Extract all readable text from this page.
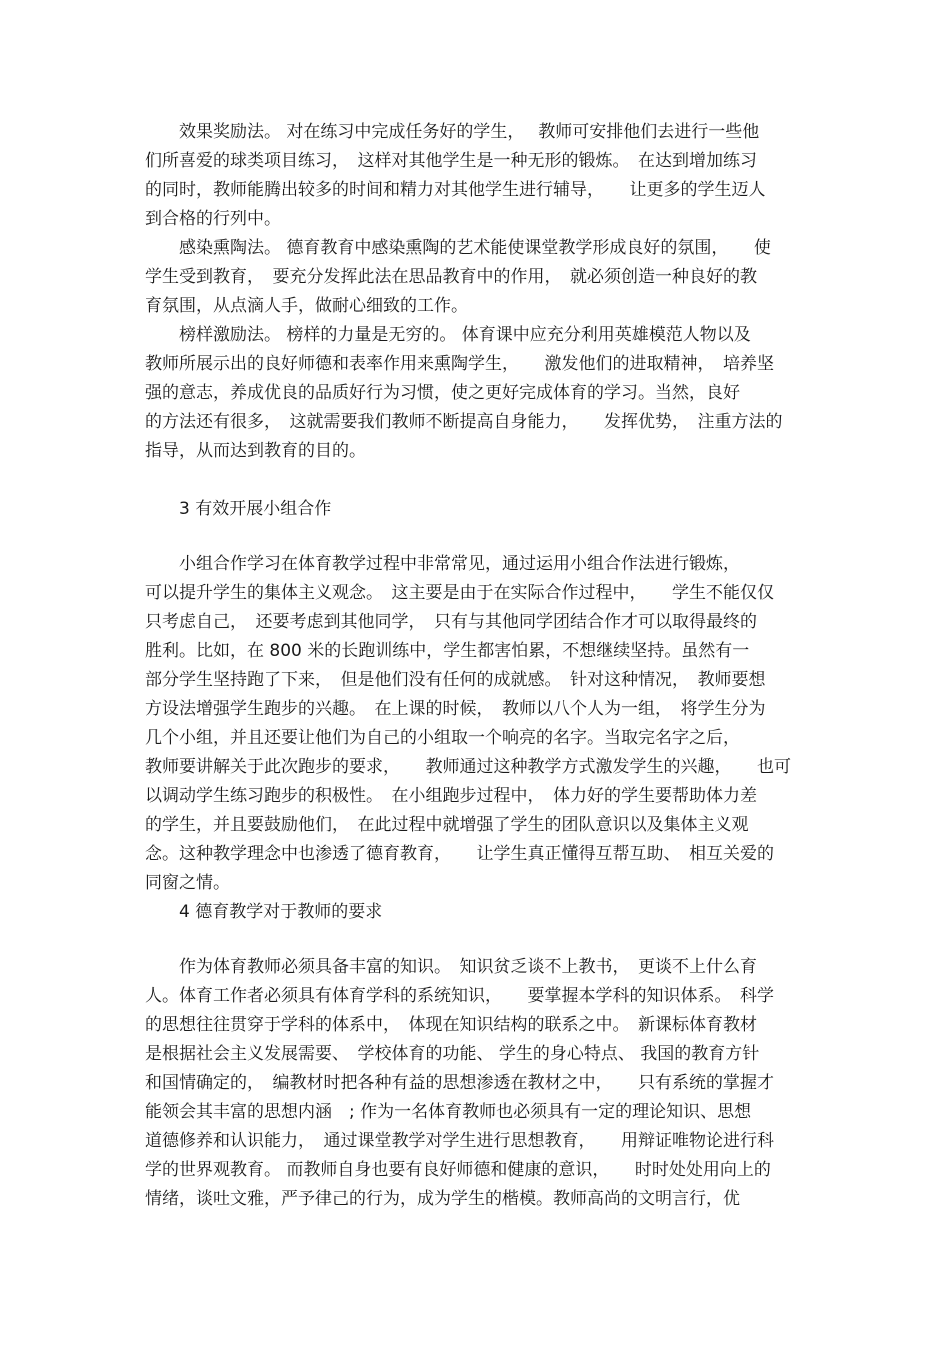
　　效果奖励法。 对在练习中完成任务好的学生，　 教师可安排他们去进行一些他
们所喜爱的球类项目练习，　这样对其他学生是一种无形的锻炼。　在达到增加练习
的同时，教师能腾出较多的时间和精力对其他学生进行辅导，　　让更多的学生迈人
到合格的行列中。
　　感染熏陶法。 德育教育中感染熏陶的艺术能使课堂教学形成良好的氛围，　　使
学生受到教育，　要充分发挥此法在思品教育中的作用，　就必须创造一种良好的教
育氛围，从点滴人手，做耐心细致的工作。
　　榜样激励法。 榜样的力量是无穷的。 体育课中应充分利用英雄模范人物以及
教师所展示出的良好师德和表率作用来熏陶学生，　　激发他们的进取精神，　培养坚
强的意志，养成优良的品质好行为习惯，使之更好完成体育的学习。当然，良好
的方法还有很多，　这就需要我们教师不断提高自身能力，　　发挥优势，　注重方法的
指导，从而达到教育的目的。
　　3 有效开展小组合作
　　小组合作学习在体育教学过程中非常常见，通过运用小组合作法进行锻炼，
可以提升学生的集体主义观念。　这主要是由于在实际合作过程中，　　学生不能仅仅
只考虑自己，　还要考虑到其他同学，　只有与其他同学团结合作才可以取得最终的
胜利。比如，在 800 米的长跑训练中，学生都害怕累，不想继续坚持。虽然有一
部分学生坚持跑了下来，　但是他们没有任何的成就感。　针对这种情况，　教师要想
方设法增强学生跑步的兴趣。　在上课的时候，　教师以八个人为一组，　将学生分为
几个小组，并且还要让他们为自己的小组取一个响亮的名字。当取完名字之后，
教师要讲解关于此次跑步的要求，　　教师通过这种教学方式激发学生的兴趣，　　也可
以调动学生练习跑步的积极性。　在小组跑步过程中，　体力好的学生要帮助体力差
的学生，并且要鼓励他们，　在此过程中就增强了学生的团队意识以及集体主义观
念。这种教学理念中也渗透了德育教育，　　让学生真正懂得互帮互助、　相互关爱的
同窗之情。
　　4 德育教学对于教师的要求
　　作为体育教师必须具备丰富的知识。　知识贫乏谈不上教书，　更谈不上什么育
人。体育工作者必须具有体育学科的系统知识，　　要掌握本学科的知识体系。　科学
的思想往往贯穿于学科的体系中，　体现在知识结构的联系之中。　新课标体育教材
是根据社会主义发展需要、　学校体育的功能、 学生的身心特点、 我国的教育方针
和国情确定的，　编教材时把各种有益的思想渗透在教材之中，　　只有系统的掌握才
能领会其丰富的思想内涵　; 作为一名体育教师也必须具有一定的理论知识、思想
道德修养和认识能力，　通过课堂教学对学生进行思想教育，　　用辩证唯物论进行科
学的世界观教育。 而教师自身也要有良好师德和健康的意识，　　时时处处用向上的
情绪，谈吐文雅，严予律己的行为，成为学生的楷模。教师高尚的文明言行，优
